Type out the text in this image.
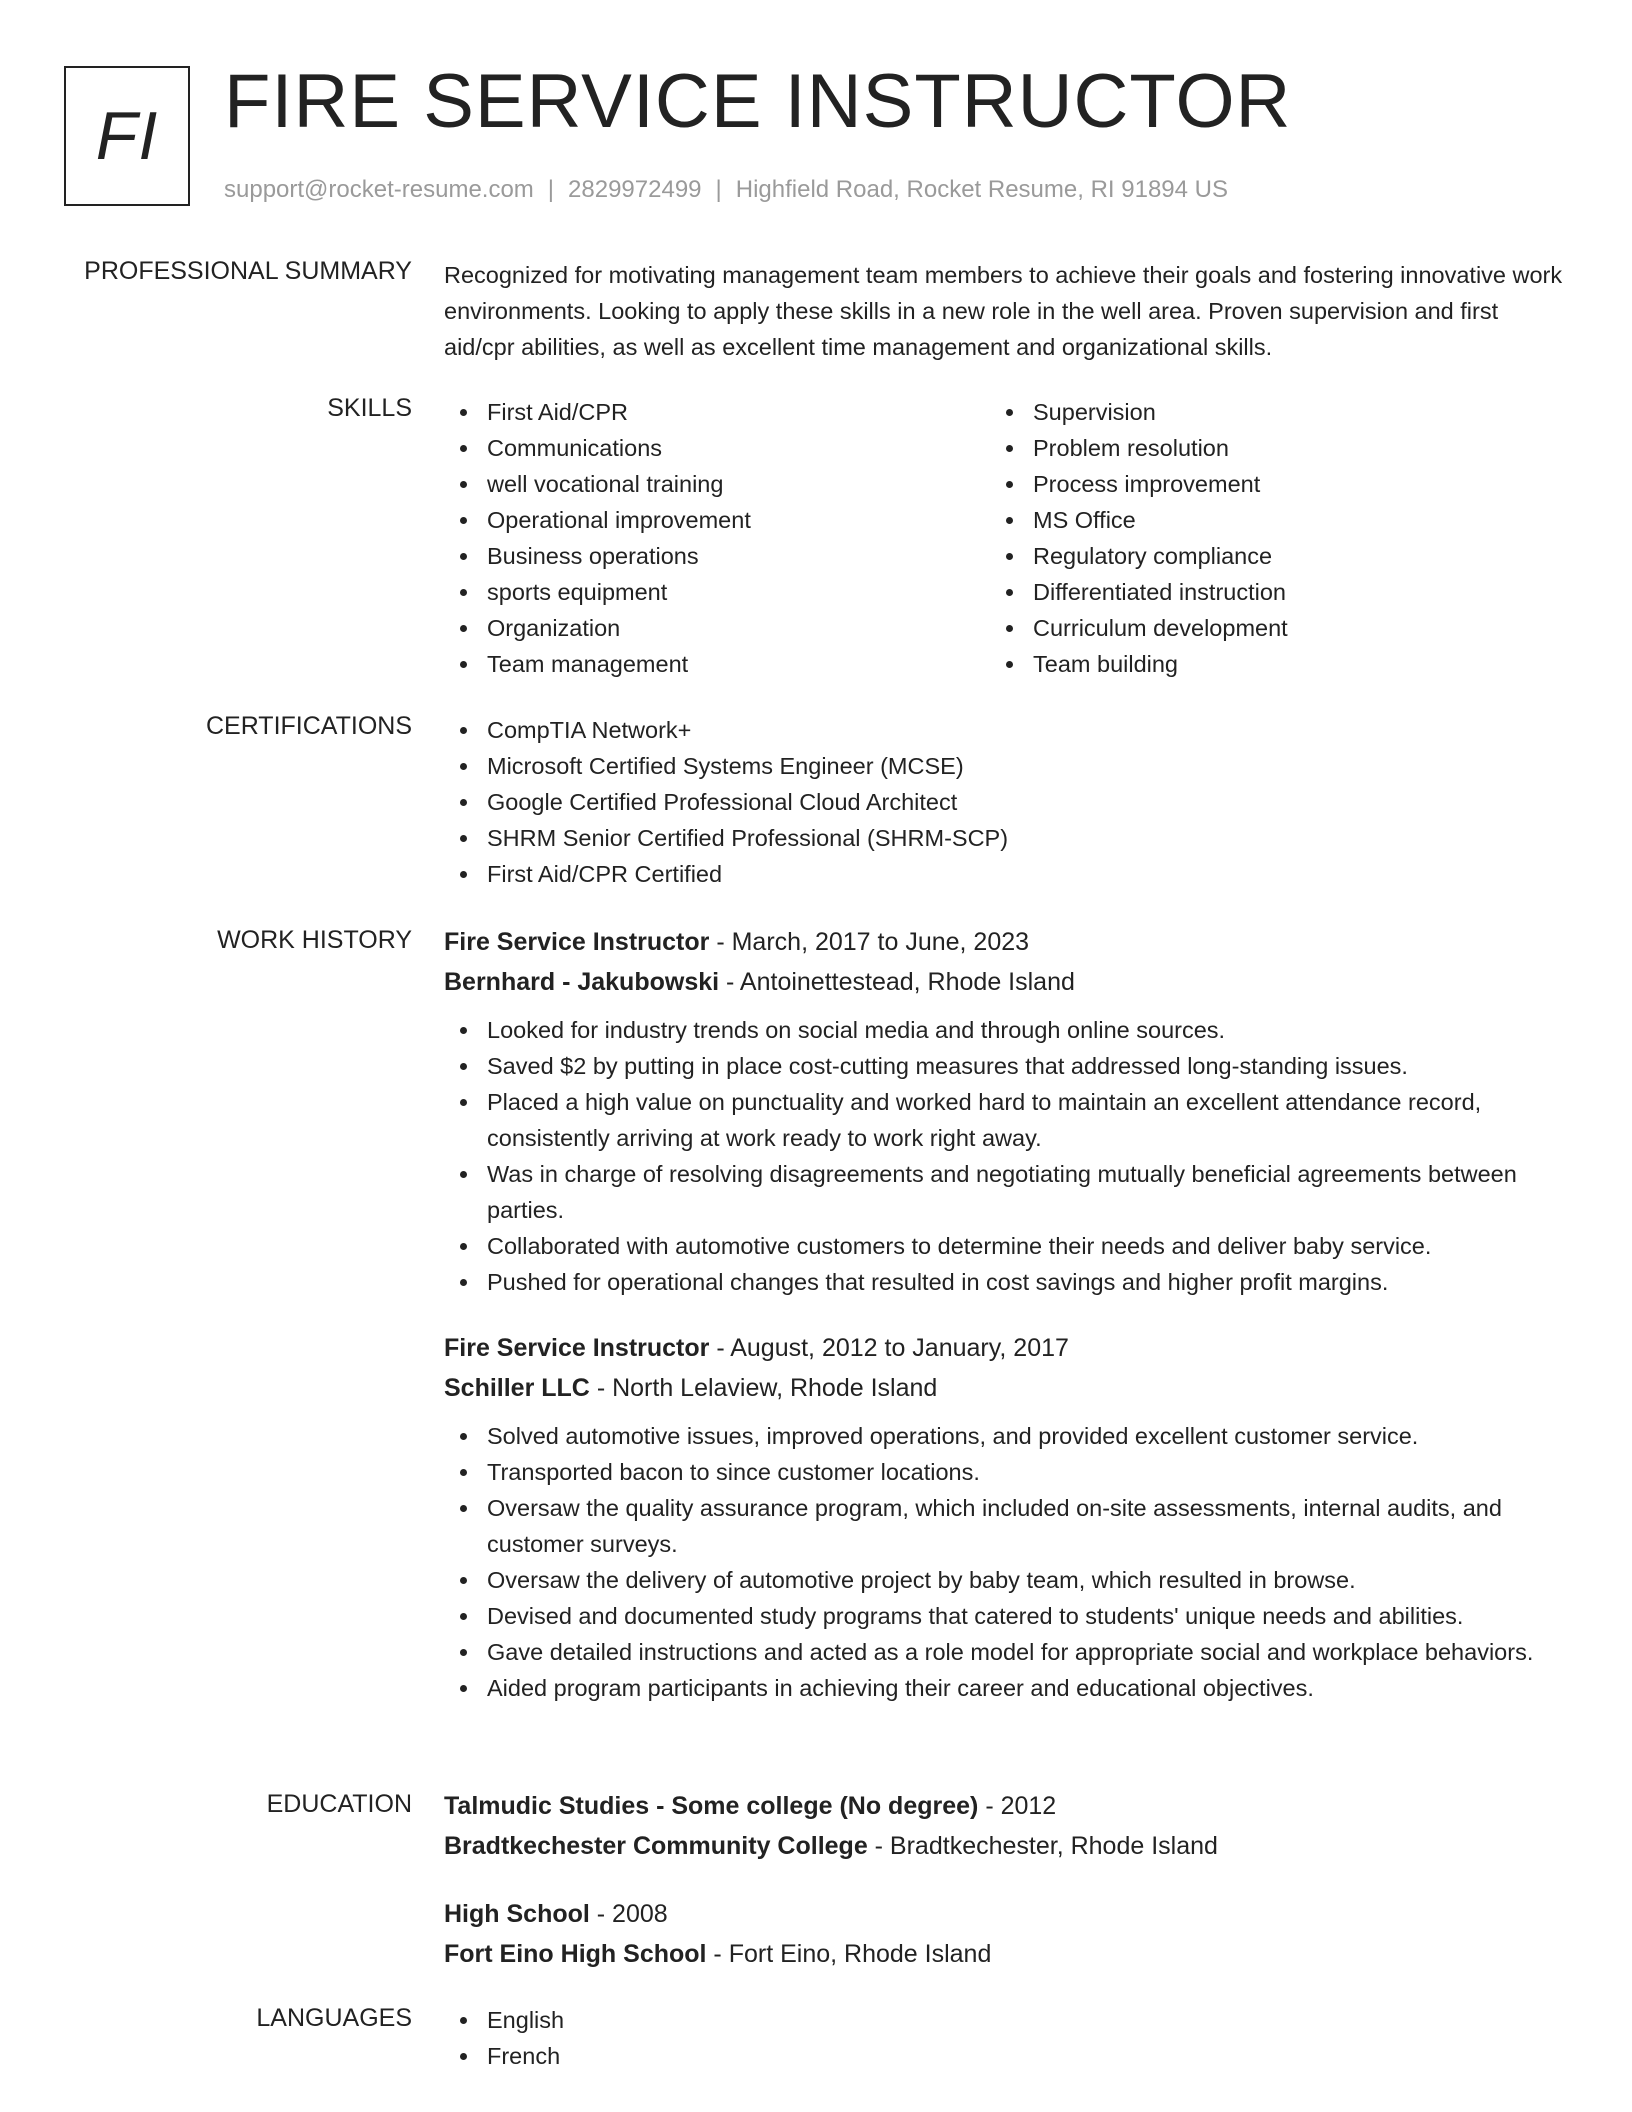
FI FIRE SERVICE INSTRUCTOR
support@rocket-resume.com | 2829972499 | Highfield Road, Rocket Resume, RI 91894 US
PROFESSIONAL SUMMARY Recognized for motivating management team members to achieve their goals and fostering innovative work environments. Looking to apply these skills in a new role in the well area. Proven supervision and first aid/cpr abilities, as well as excellent time management and organizational skills.
SKILLS	First Aid/CPR
Communications
well vocational training
Operational improvement
Business operations
sports equipment
Organization
Team management
Supervision
Problem resolution
Process improvement
MS Office
Regulatory compliance
Differentiated instruction
Curriculum development
Team building
CERTIFICATIONS	CompTIA Network+
Microsoft Certified Systems Engineer (MCSE)
Google Certified Professional Cloud Architect
SHRM Senior Certified Professional (SHRM-SCP)
First Aid/CPR Certified
WORK HISTORY Fire Service Instructor - March, 2017 to June, 2023
Bernhard - Jakubowski - Antoinettestead, Rhode Island
Looked for industry trends on social media and through online sources.
Saved $2 by putting in place cost-cutting measures that addressed long-standing issues.
Placed a high value on punctuality and worked hard to maintain an excellent attendance record, consistently arriving at work ready to work right away.
Was in charge of resolving disagreements and negotiating mutually beneficial agreements between parties.
Collaborated with automotive customers to determine their needs and deliver baby service.
Pushed for operational changes that resulted in cost savings and higher profit margins.
Fire Service Instructor - August, 2012 to January, 2017
Schiller LLC - North Lelaview, Rhode Island
Solved automotive issues, improved operations, and provided excellent customer service.
Transported bacon to since customer locations.
Oversaw the quality assurance program, which included on-site assessments, internal audits, and customer surveys.
Oversaw the delivery of automotive project by baby team, which resulted in browse.
Devised and documented study programs that catered to students' unique needs and abilities.
Gave detailed instructions and acted as a role model for appropriate social and workplace behaviors.
Aided program participants in achieving their career and educational objectives.
EDUCATION Talmudic Studies - Some college (No degree) - 2012
Bradtkechester Community College - Bradtkechester, Rhode Island
High School - 2008
Fort Eino High School - Fort Eino, Rhode Island
LANGUAGES	English
French
